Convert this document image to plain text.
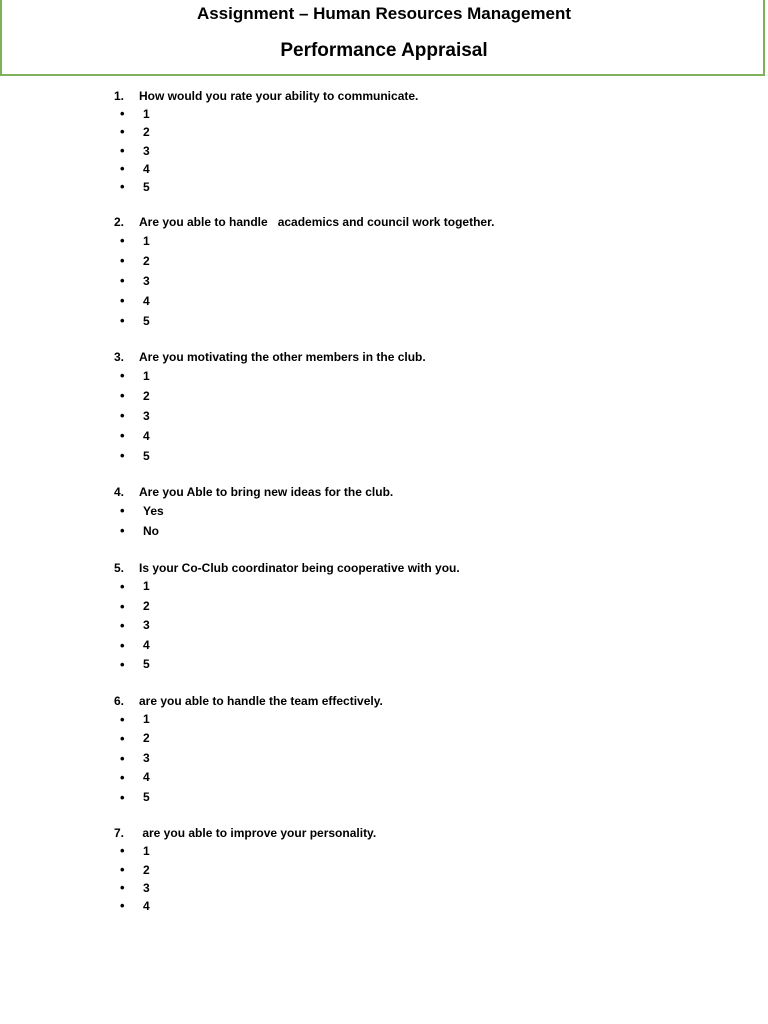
Assignment – Human Resources Management
Performance Appraisal
1. How would you rate your ability to communicate.
• 1
• 2
• 3
• 4
• 5
2. Are you able to handle   academics and council work together.
• 1
• 2
• 3
• 4
• 5
3. Are you motivating the other members in the club.
• 1
• 2
• 3
• 4
• 5
4. Are you Able to bring new ideas for the club.
• Yes
• No
5. Is your Co-Club coordinator being cooperative with you.
• 1
• 2
• 3
• 4
• 5
6. are you able to handle the team effectively.
• 1
• 2
• 3
• 4
• 5
7. are you able to improve your personality.
• 1
• 2
• 3
• 4
